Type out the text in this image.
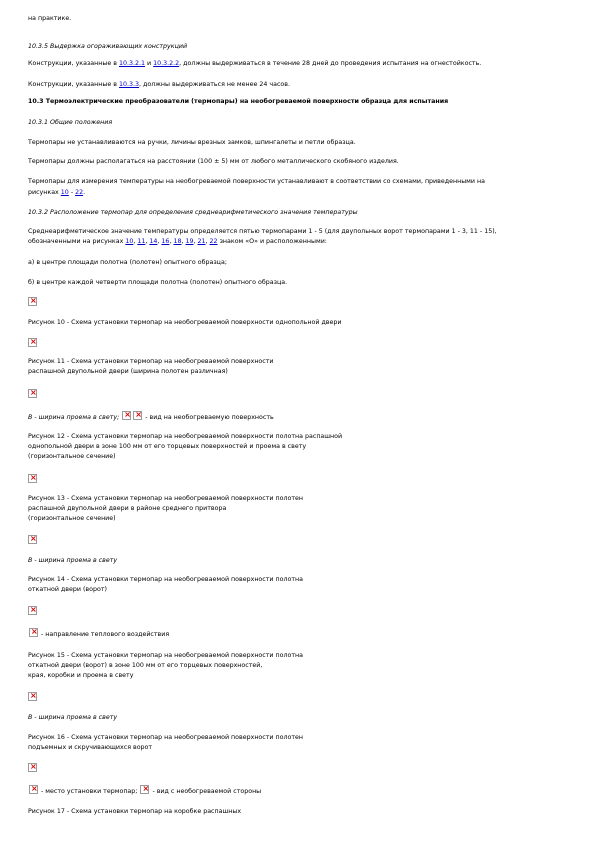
на практике.
10.3.5 Выдержка огораживающих конструкций
Конструкции, указанные в 10.3.2.1 и 10.3.2.2, должны выдерживаться в течение 28 дней до проведения испытания на огнестойкость.
Конструкции, указанные в 10.3.3, должны выдерживаться не менее 24 часов.
10.3 Термоэлектрические преобразователи (термопары) на необогреваемой поверхности образца для испытания
10.3.1 Общие положения
Термопары не устанавливаются на ручки, личины врезных замков, шпингалеты и петли образца.
Термопары должны располагаться на расстоянии (100 ± 5) мм от любого металлического скобяного изделия.
Термопары для измерения температуры на необогреваемой поверхности устанавливают в соответствии со схемами, приведенными на
рисунках 10 - 22.
10.3.2 Расположение термопар для определения среднеарифметического значения температуры
Среднеарифметическое значение температуры определяется пятью термопарами 1 - 5 (для двупольных ворот термопарами 1 - 3, 11 - 15),
обозначенными на рисунках 10, 11, 14, 16, 18, 19, 21, 22 знаком «О» и расположенными:
а) в центре площади полотна (полотен) опытного образца;
б) в центре каждой четверти площади полотна (полотен) опытного образца.
×
Рисунок 10 - Схема установки термопар на необогреваемой поверхности однопольной двери
×
Рисунок 11 - Схема установки термопар на необогреваемой поверхности
распашной двупольной двери (ширина полотен различная)
×
В - ширина проема в свету; × ×	- вид на необогреваемую поверхность
Рисунок 12 - Схема установки термопар на необогреваемой поверхности полотна распашной
однопольной двери в зоне 100 мм от его торцевых поверхностей и проема в свету
(горизонтальное сечение)
×
Рисунок 13 - Схема установки термопар на необогреваемой поверхности полотен
распашной двупольной двери в районе среднего притвора
(горизонтальное сечение)
×
В - ширина проема в свету
Рисунок 14 - Схема установки термопар на необогреваемой поверхности полотна
откатной двери (ворот)
×
× - направление теплового воздействия
Рисунок 15 - Схема установки термопар на необогреваемой поверхности полотна
откатной двери (ворот) в зоне 100 мм от его торцевых поверхностей,
края, коробки и проема в свету
×
В - ширина проема в свету
Рисунок 16 - Схема установки термопар на необогреваемой поверхности полотен
подъемных и скручивающихся ворот
×
× - место установки термопар; × - вид с необогреваемой стороны
Рисунок 17 - Схема установки термопар на коробке распашных
